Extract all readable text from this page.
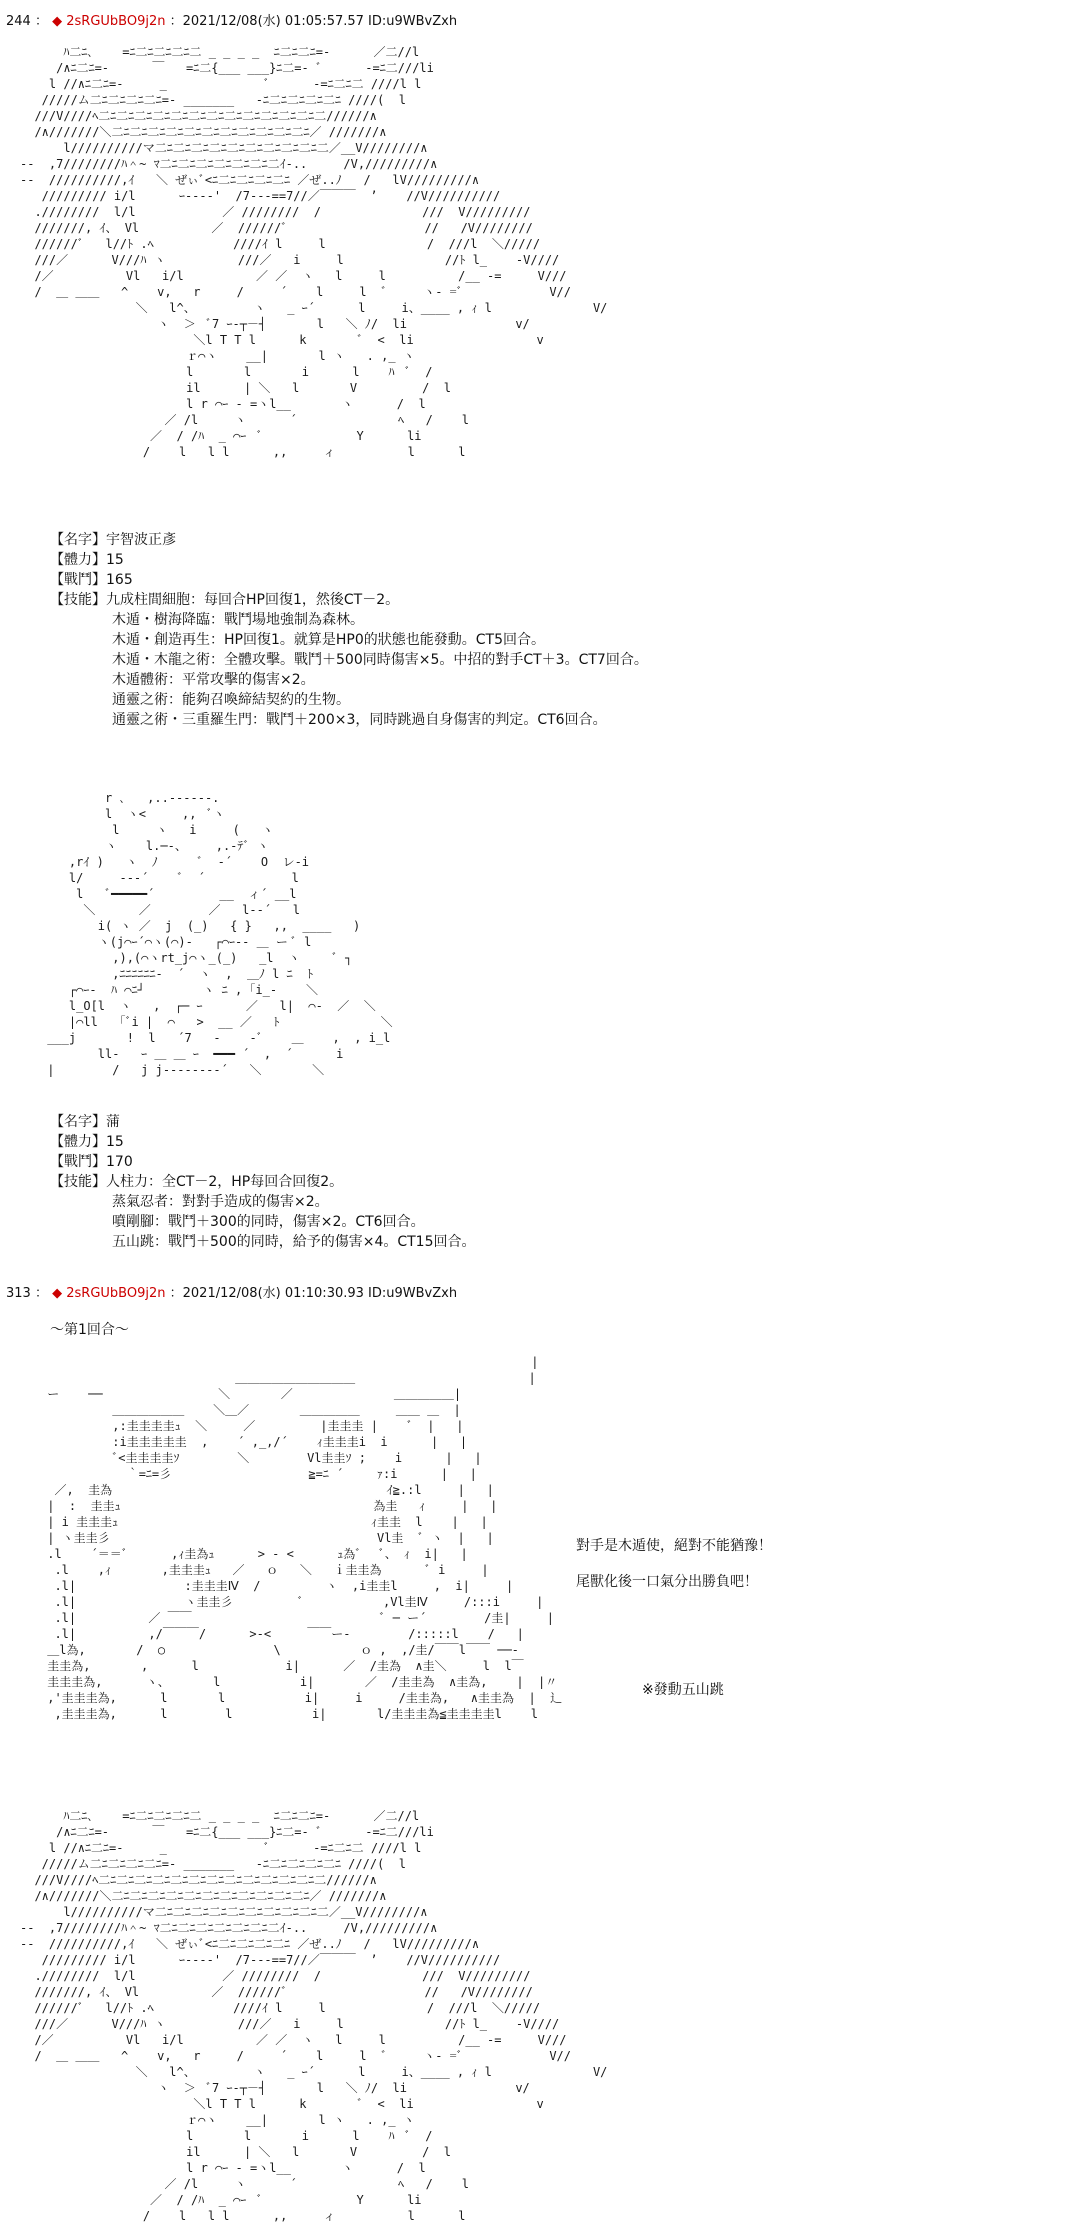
244 ： ◆ 2sRGUbBO9j2n ：2021/12/08(水) 01:05:57.57 ID:u9WBvZxh
ﾊ二ﾆ､    =ﾆ二ﾆ二ﾆ二ﾆ二 _ _ _ _  ﾆ二ﾆ二ﾆ=-      ／二//l
/∧ﾆ二ﾆ=-      ￣   =ﾆ二{___ ___}ﾆ二=- ﾞ      -=ﾆ二///li
l //∧ﾆ二ﾆ=-     _              ﾞ      -=ﾆ二ﾆ二 ////l l
/////ム二ﾆ二ﾆ二ﾆ二ﾆ=- _______   -ﾆ二ﾆ二ﾆ二ﾆ二ﾆ ////(  l
///V////ﾍ二ﾆ二ﾆ二ﾆ二ﾆ二ﾆ二ﾆ二ﾆ二ﾆ二ﾆ二ﾆ二ﾆ二ﾆ二//////∧
/∧///////＼二ﾆ二ﾆ二ﾆ二ﾆ二ﾆ二ﾆ二ﾆ二ﾆ二ﾆ二ﾆ二ﾆ／ ///////∧
l//////////マ二ﾆ二ﾆ二ﾆ二ﾆ二ﾆ二ﾆ二ﾆ二ﾆ二ﾆ二／__V////////∧
--  ,7////////ﾊ＾~ ﾏ二ﾆ二ﾆ二ﾆ二ﾆ二ﾆ二ﾆ二ｲ-..     /V,/////////∧
--  //////////,ｲ   ＼ ぜぃﾞ<ﾆ二ﾆ二ﾆ二ﾆ二ﾆ ／ぜ..ﾉ   /   lV/////////∧
///////// i/l      ｰ----'  /7---==7//／￣￣￣  ’    //V//////////
.////////  l/l            ／ ////////  /              ///  V/////////
///////, ｲ、 Vl          ／  //////ﾞ                   //   /V////////
//////ﾞ   l//ﾄ .ﾍ           ////ｲ l     l              /  ///l  ＼/////
///／      V///ﾊ ヽ          ///／   i     l              //ﾄ l_    -V////
/／          Vl   i/l          ／ ／  ヽ   l     l          /__ -=     V///
/  ＿ ＿＿   ^    v,   r     /     ´    l     l  ﾞ     ヽ- =ﾞ            V//
＼   l^、        ヽ   _ ｰ´      l     i、____ , ｨ l              V/
ヽ  ＞  ﾞ7 ｰ-┬－┤       l   ＼ ﾉ/  li               v/
＼l T T l      k       ﾞ  <  li                 v
ｒ⌒ヽ    __|       l ヽ   . ,_ ヽ
l       l       i      l    ﾊ  ﾞ  /
il      | ＼   l       V         /  l
l r ⌒ｰ - =ヽl__       ヽ      /  l
／ /l     ヽ      ´              ﾍ   /    l
／  / /ﾊ  _ ⌒ｰ  ﾞ             Y      li
/    l   l l      ,,     ィ          l      l
【名字】宇智波正彥
【體力】15
【戰鬥】165
【技能】九成柱間細胞：每回合HP回復1，然後CT－2。
木遁・樹海降臨：戰鬥場地強制為森林。
木遁・創造再生：HP回復1。就算是HP0的狀態也能發動。CT5回合。
木遁・木龍之術：全體攻擊。戰鬥＋500同時傷害×5。中招的對手CT＋3。CT7回合。
木遁體術：平常攻擊的傷害×2。
通靈之術：能夠召喚締結契約的生物。
通靈之術・三重羅生門：戰鬥＋200×3，同時跳過自身傷害的判定。CT6回合。
r ､   ,..-‐‐‐‐-.
l  ヽ<     ,,  ﾞヽ
l     ヽ   i     (   ヽ
ヽ    l.─-、    ,.-ﾃﾞ ヽ
,rｲ )   ヽ  ﾉ      ﾞ  -´    O  レ-i
l/     ‐‐-´    ﾞ  ´            l
l   ﾞ━━━━━´         __  ィ´ __l
＼      ／        ／   l-‐´   l
i( ヽ ／  j  (_)   { }   ,,  ____   )
ヽ(j⌒ｰ´⌒ヽ(⌒)-   ┌⌒ｰ-- ＿ ー ﾞ l
,),(⌒ヽrt_j⌒ヽ_(_)   _l  ヽ     ﾞ ┐
,ﾆﾆﾆﾆﾆﾆ-  ´  ヽ  ,  ＿ﾉ l ﾆ  ﾄ
┌⌒ｰ-  ﾊ ⌒ﾆ┘        ヽ ﾆ , ｢i_-    ＼
l_O[l  ヽ   ,  ┌─ ｰ      ／   l|  ⌒-  ／  ＼
|⌒ll   ｢ﾞi |  ⌒   >  __ ／   ﾄ              ＼
___j       !  l   ´7   -    -ﾞ    ＿    ,  , i_l
ll-   ｰ ＿ ＿ ｰ  ━━━ ´  ,  ´      i
|        /   j j-‐‐‐‐‐‐‐´   ＼       ＼
【名字】蒲
【體力】15
【戰鬥】170
【技能】人柱力：全CT－2，HP每回合回復2。
蒸氣忍者：對對手造成的傷害×2。
噴剛腳：戰鬥＋300的同時，傷害×2。CT6回合。
五山跳：戰鬥＋500的同時，給予的傷害×4。CT15回合。
313 ： ◆ 2sRGUbBO9j2n ：2021/12/08(水) 01:10:30.93 ID:u9WBvZxh
～第1回合～
|
＿＿＿＿＿＿＿＿＿＿                        |
ー    ──                ＼       ／              ＿＿＿＿＿|
＿＿＿＿＿＿    ＼＿／       ＿＿＿＿＿     ＿＿ ＿  |
,:圭圭圭圭ｭ  ＼     ／         |圭圭圭 |    ﾞ  |   |
:i圭圭圭圭圭  ,    ´ ,_,/´    ｨ圭圭圭i  i      |   |
ﾞ<圭圭圭圭ｿ        ＼        Vl圭圭ｿ ;    i      |   |
｀=ﾆ=彡                   ≧=ﾆ ´ 　  ｧ:i      |   |
／,  圭為                                      ｲ≧.:l     |   |
|  :  圭圭ｭ                                   為圭   ｨ     |   |
| i 圭圭圭ｭ                                   ｨ圭圭  l    |   |
| ヽ圭圭彡                                     Vl圭  ﾞ ヽ  |   |
.l    ´＝＝ﾞ      ,ｨ圭為ｭ      > - <      ｭ為ﾞ   ﾞ、 ｨ  i|   |
.l    ,ｨ       ,圭圭圭ｭ   ／   ｏ   ＼   ｉ圭圭為      ﾞ i     |
.l|               :圭圭圭Ⅳ  /         ヽ  ,i圭圭l     ,  i|     |
.l|               ヽ圭圭彡         ﾞ           ,Vl圭Ⅳ     /:::i     |
.l|          ／ ￣￣                          ﾞ ─ ー´        /圭|     |
.l|          ,/￣￣￣/      >-<     ￣￣ー-        /:::::l    /   |
＿l為,       /  ○               \           ｏ ,  ,/圭/￣￣l￣￣ ──-
圭圭為,       ,      l            i|      ／  /圭為  ∧圭＼     l  l￣
圭圭圭為,      ヽ、      l           i|       ／  /圭圭為  ∧圭為,    |  |〃
,'圭圭圭為,      l       l           i|     i     /圭圭為,   ∧圭圭為  |  辶
,圭圭圭為,      l        l           i|       l/圭圭圭為≦圭圭圭圭l    l
對手是木遁使，絕對不能猶豫！
尾獸化後一口氣分出勝負吧！
※發動五山跳
ﾊ二ﾆ､    =ﾆ二ﾆ二ﾆ二ﾆ二 _ _ _ _  ﾆ二ﾆ二ﾆ=-      ／二//l
/∧ﾆ二ﾆ=-      ￣   =ﾆ二{___ ___}ﾆ二=- ﾞ      -=ﾆ二///li
l //∧ﾆ二ﾆ=-     _              ﾞ      -=ﾆ二ﾆ二 ////l l
/////ム二ﾆ二ﾆ二ﾆ二ﾆ=- _______   -ﾆ二ﾆ二ﾆ二ﾆ二ﾆ ////(  l
///V////ﾍ二ﾆ二ﾆ二ﾆ二ﾆ二ﾆ二ﾆ二ﾆ二ﾆ二ﾆ二ﾆ二ﾆ二ﾆ二//////∧
/∧///////＼二ﾆ二ﾆ二ﾆ二ﾆ二ﾆ二ﾆ二ﾆ二ﾆ二ﾆ二ﾆ二ﾆ／ ///////∧
l//////////マ二ﾆ二ﾆ二ﾆ二ﾆ二ﾆ二ﾆ二ﾆ二ﾆ二ﾆ二／__V////////∧
--  ,7////////ﾊ＾~ ﾏ二ﾆ二ﾆ二ﾆ二ﾆ二ﾆ二ﾆ二ｲ-..     /V,/////////∧
--  //////////,ｲ   ＼ ぜぃﾞ<ﾆ二ﾆ二ﾆ二ﾆ二ﾆ ／ぜ..ﾉ   /   lV/////////∧
///////// i/l      ｰ----'  /7---==7//／￣￣￣  ’    //V//////////
.////////  l/l            ／ ////////  /              ///  V/////////
///////, ｲ、 Vl          ／  //////ﾞ                   //   /V////////
//////ﾞ   l//ﾄ .ﾍ           ////ｲ l     l              /  ///l  ＼/////
///／      V///ﾊ ヽ          ///／   i     l              //ﾄ l_    -V////
/／          Vl   i/l          ／ ／  ヽ   l     l          /__ -=     V///
/  ＿ ＿＿   ^    v,   r     /     ´    l     l  ﾞ     ヽ- =ﾞ            V//
＼   l^、        ヽ   _ ｰ´      l     i、____ , ｨ l              V/
ヽ  ＞  ﾞ7 ｰ-┬－┤       l   ＼ ﾉ/  li               v/
＼l T T l      k       ﾞ  <  li                 v
ｒ⌒ヽ    __|       l ヽ   . ,_ ヽ
l       l       i      l    ﾊ  ﾞ  /
il      | ＼   l       V         /  l
l r ⌒ｰ - =ヽl__       ヽ      /  l
／ /l     ヽ      ´              ﾍ   /    l
／  / /ﾊ  _ ⌒ｰ  ﾞ             Y      li
/    l   l l      ,,     ィ          l      l
